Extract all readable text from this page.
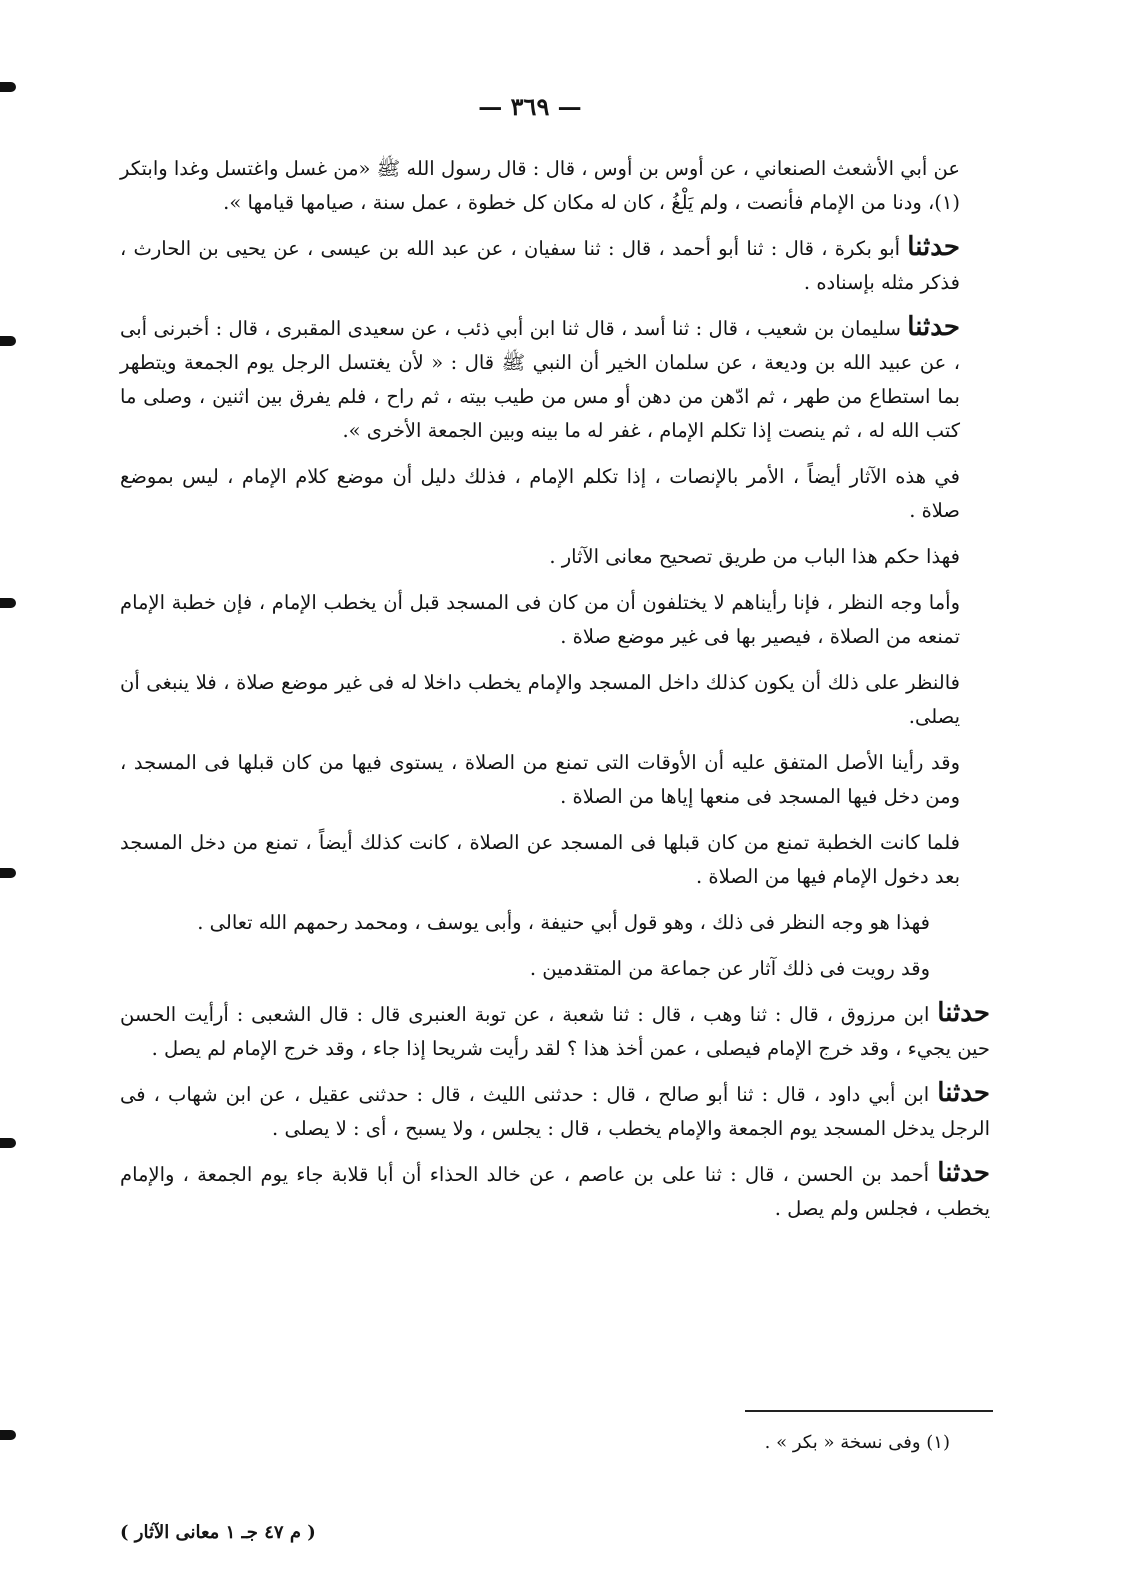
— ٣٦٩ —

عن أبي الأشعث الصنعاني ، عن أوس بن أوس ، قال : قال رسول الله ﷺ «من غسل واغتسل وغدا وابتكر (١)، ودنا من الإمام فأنصت ، ولم يَلْغُ ، كان له مكان كل خطوة ، عمل سنة ، صيامها قيامها ».

حدثنا أبو بكرة ، قال : ثنا أبو أحمد ، قال : ثنا سفيان ، عن عبد الله بن عيسى ، عن يحيى بن الحارث ، فذكر مثله بإسناده .

حدثنا سليمان بن شعيب ، قال : ثنا أسد ، قال ثنا ابن أبي ذئب ، عن سعيدى المقبرى ، قال : أخبرنى أبى ، عن عبيد الله بن وديعة ، عن سلمان الخير أن النبي ﷺ قال : « لأن يغتسل الرجل يوم الجمعة ويتطهر بما استطاع من طهر ، ثم ادّهن من دهن أو مس من طيب بيته ، ثم راح ، فلم يفرق بين اثنين ، وصلى ما كتب الله له ، ثم ينصت إذا تكلم الإمام ، غفر له ما بينه وبين الجمعة الأخرى ».

في هذه الآثار أيضاً ، الأمر بالإنصات ، إذا تكلم الإمام ، فذلك دليل أن موضع كلام الإمام ، ليس بموضع صلاة .

فهذا حكم هذا الباب من طريق تصحيح معانى الآثار .

وأما وجه النظر ، فإنا رأيناهم لا يختلفون أن من كان فى المسجد قبل أن يخطب الإمام ، فإن خطبة الإمام تمنعه من الصلاة ، فيصير بها فى غير موضع صلاة .

فالنظر على ذلك أن يكون كذلك داخل المسجد والإمام يخطب داخلا له فى غير موضع صلاة ، فلا ينبغى أن يصلى.

وقد رأينا الأصل المتفق عليه أن الأوقات التى تمنع من الصلاة ، يستوى فيها من كان قبلها فى المسجد ، ومن دخل فيها المسجد فى منعها إياها من الصلاة .

فلما كانت الخطبة تمنع من كان قبلها فى المسجد عن الصلاة ، كانت كذلك أيضاً ، تمنع من دخل المسجد بعد دخول الإمام فيها من الصلاة .

فهذا هو وجه النظر فى ذلك ، وهو قول أبي حنيفة ، وأبى يوسف ، ومحمد رحمهم الله تعالى .

وقد رويت فى ذلك آثار عن جماعة من المتقدمين .

حدثنا ابن مرزوق ، قال : ثنا وهب ، قال : ثنا شعبة ، عن توبة العنبرى قال : قال الشعبى : أرأيت الحسن حين يجيء ، وقد خرج الإمام فيصلى ، عمن أخذ هذا ؟ لقد رأيت شريحا إذا جاء ، وقد خرج الإمام لم يصل .

حدثنا ابن أبي داود ، قال : ثنا أبو صالح ، قال : حدثنى الليث ، قال : حدثنى عقيل ، عن ابن شهاب ، فى الرجل يدخل المسجد يوم الجمعة والإمام يخطب ، قال : يجلس ، ولا يسبح ، أى : لا يصلى .

حدثنا أحمد بن الحسن ، قال : ثنا على بن عاصم ، عن خالد الحذاء أن أبا قلابة جاء يوم الجمعة ، والإمام يخطب ، فجلس ولم يصل .

(١) وفى نسخة « بكر » .
( م ٤٧ جـ ١ معانى الآثار )
